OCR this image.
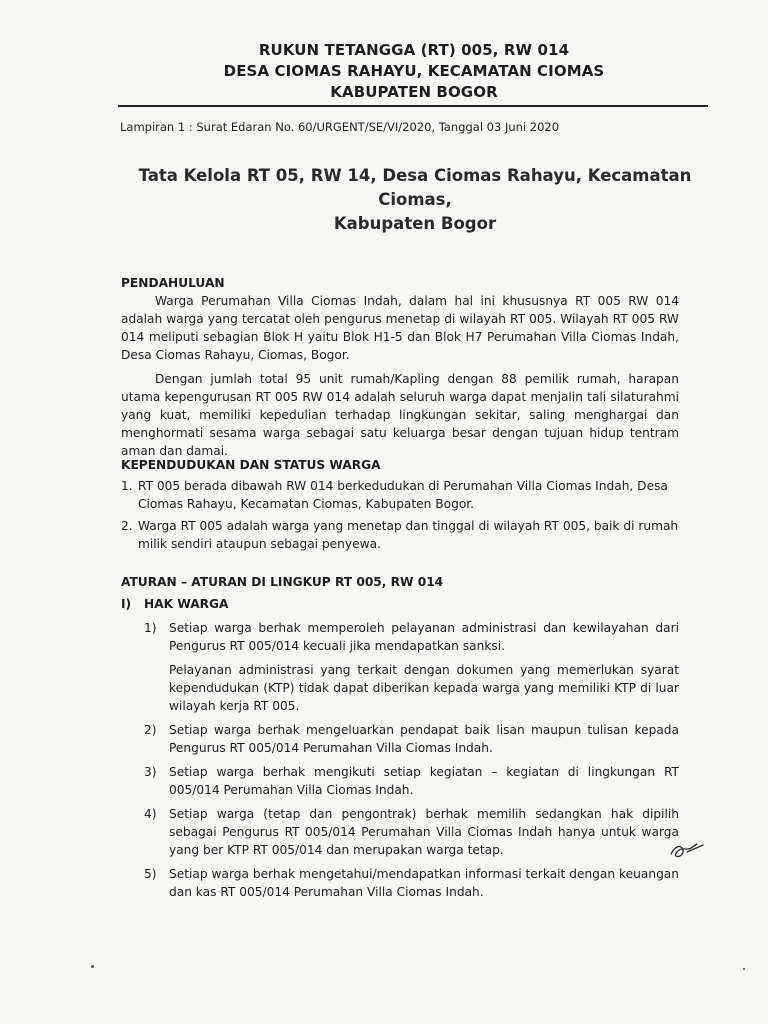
RUKUN TETANGGA (RT) 005, RW 014
DESA CIOMAS RAHAYU, KECAMATAN CIOMAS
KABUPATEN BOGOR
Lampiran 1 : Surat Edaran No. 60/URGENT/SE/VI/2020, Tanggal 03 Juni 2020
Tata Kelola RT 05, RW 14, Desa Ciomas Rahayu, Kecamatan Ciomas,
Kabupaten Bogor
PENDAHULUAN

Warga Perumahan Villa Ciomas Indah, dalam hal ini khususnya RT 005 RW 014 adalah warga yang tercatat oleh pengurus menetap di wilayah RT 005. Wilayah RT 005 RW 014 meliputi sebagian Blok H yaitu Blok H1-5 dan Blok H7 Perumahan Villa Ciomas Indah, Desa Ciomas Rahayu, Ciomas, Bogor.

Dengan jumlah total 95 unit rumah/Kapling dengan 88 pemilik rumah, harapan utama kepengurusan RT 005 RW 014 adalah seluruh warga dapat menjalin tali silaturahmi yang kuat, memiliki kepedulian terhadap lingkungan sekitar, saling menghargai dan menghormati sesama warga sebagai satu keluarga besar dengan tujuan hidup tentram aman dan damai.

KEPENDUDUKAN DAN STATUS WARGA
1. RT 005 berada dibawah RW 014 berkedudukan di Perumahan Villa Ciomas Indah, Desa Ciomas Rahayu, Kecamatan Ciomas, Kabupaten Bogor.
2. Warga RT 005 adalah warga yang menetap dan tinggal di wilayah RT 005, baik di rumah milik sendiri ataupun sebagai penyewa.
ATURAN – ATURAN DI LINGKUP RT 005, RW 014
I)	HAK WARGA
1)	Setiap warga berhak memperoleh pelayanan administrasi dan kewilayahan dari Pengurus RT 005/014 kecuali jika mendapatkan sanksi.

Pelayanan administrasi yang terkait dengan dokumen yang memerlukan syarat kependudukan (KTP) tidak dapat diberikan kepada warga yang memiliki KTP di luar wilayah kerja RT 005.

2)	Setiap warga berhak mengeluarkan pendapat baik lisan maupun tulisan kepada Pengurus RT 005/014 Perumahan Villa Ciomas Indah.

3)	Setiap warga berhak mengikuti setiap kegiatan – kegiatan di lingkungan RT 005/014 Perumahan Villa Ciomas Indah.

4)	Setiap warga (tetap dan pengontrak) berhak memilih sedangkan hak dipilih sebagai Pengurus RT 005/014 Perumahan Villa Ciomas Indah hanya untuk warga yang ber KTP RT 005/014 dan merupakan warga tetap.

5)	Setiap warga berhak mengetahui/mendapatkan informasi terkait dengan keuangan dan kas RT 005/014 Perumahan Villa Ciomas Indah.
